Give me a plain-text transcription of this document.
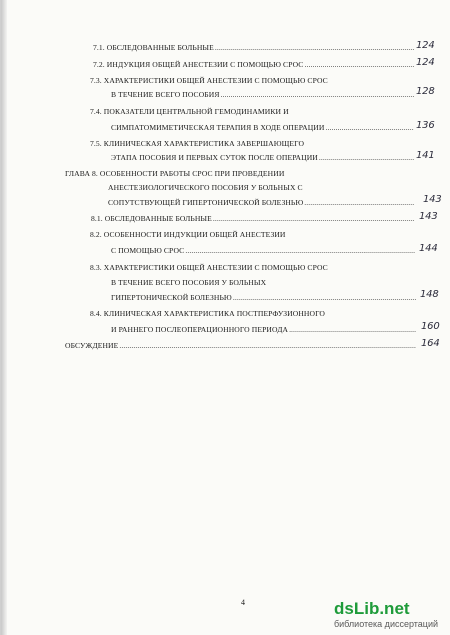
7.1. ОБСЛЕДОВАННЫЕ БОЛЬНЫЕ .....	124
7.2. ИНДУКЦИЯ ОБЩЕЙ АНЕСТЕЗИИ С ПОМОЩЬЮ СРОС .....	124
7.3. ХАРАКТЕРИСТИКИ ОБЩЕЙ АНЕСТЕЗИИ С ПОМОЩЬЮ СРОС
В ТЕЧЕНИЕ ВСЕГО ПОСОБИЯ .....	128
7.4. ПОКАЗАТЕЛИ ЦЕНТРАЛЬНОЙ ГЕМОДИНАМИКИ И
СИМПАТОМИМЕТИЧЕСКАЯ ТЕРАПИЯ В ХОДЕ ОПЕРАЦИИ .....	136
7.5. КЛИНИЧЕСКАЯ ХАРАКТЕРИСТИКА ЗАВЕРШАЮЩЕГО
ЭТАПА ПОСОБИЯ И ПЕРВЫХ СУТОК ПОСЛЕ ОПЕРАЦИИ .....	141
ГЛАВА 8. ОСОБЕННОСТИ РАБОТЫ СРОС ПРИ ПРОВЕДЕНИИ
АНЕСТЕЗИОЛОГИЧЕСКОГО ПОСОБИЯ У БОЛЬНЫХ С
СОПУТСТВУЮЩЕЙ ГИПЕРТОНИЧЕСКОЙ БОЛЕЗНЬЮ .....	143
8.1. ОБСЛЕДОВАННЫЕ БОЛЬНЫЕ .....	143
8.2. ОСОБЕННОСТИ ИНДУКЦИИ ОБЩЕЙ АНЕСТЕЗИИ
С ПОМОЩЬЮ СРОС .....	144
8.3. ХАРАКТЕРИСТИКИ ОБЩЕЙ АНЕСТЕЗИИ С ПОМОЩЬЮ СРОС
В ТЕЧЕНИЕ ВСЕГО ПОСОБИЯ У БОЛЬНЫХ
ГИПЕРТОНИЧЕСКОЙ БОЛЕЗНЬЮ .....	148
8.4. КЛИНИЧЕСКАЯ ХАРАКТЕРИСТИКА ПОСТПЕРФУЗИОННОГО
И РАННЕГО ПОСЛЕОПЕРАЦИОННОГО ПЕРИОДА .....	160
ОБСУЖДЕНИЕ .....	164
4	dsLib.net
библиотека диссертаций
